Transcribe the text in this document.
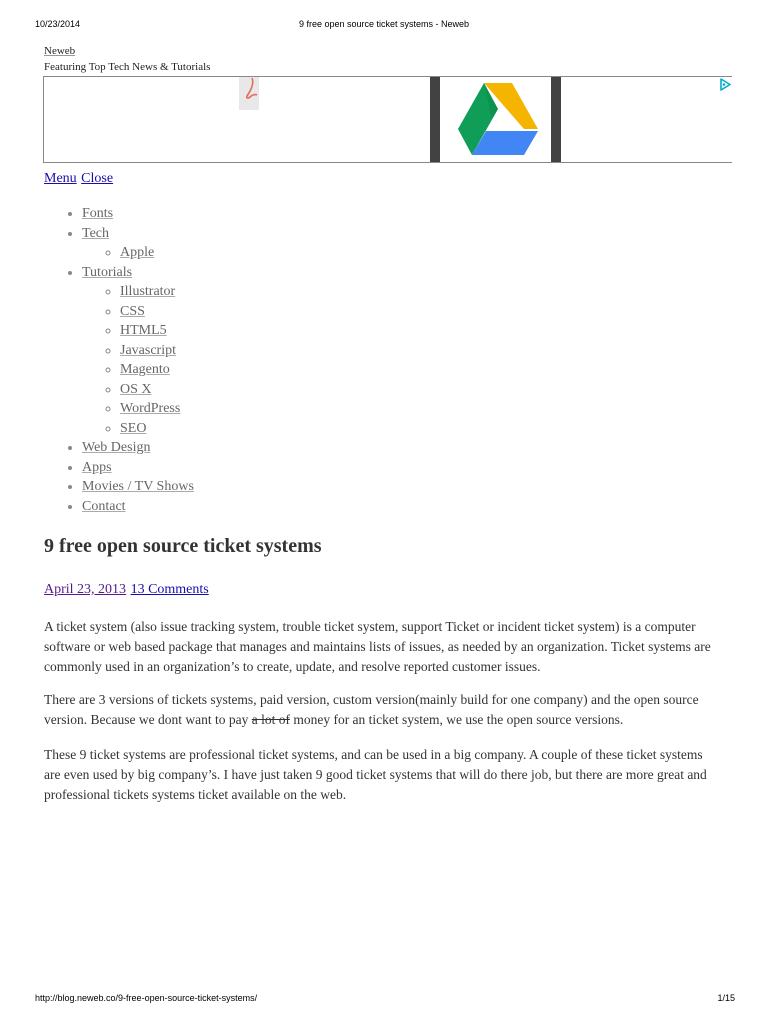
10/23/2014	9 free open source ticket systems - Newеb
Newеb
Featuring Top Tech News & Tutorials
Menu Close
• Fonts
• Tech
◦ Apple
• Tutorials
◦ Illustrator
◦ CSS
◦ HTML5
◦ Javascript
◦ Magento
◦ OS X
◦ WordPress
◦ SEO
• Web Design
• Apps
• Movies / TV Shows
• Contact
9 free open source ticket systems
April 23, 2013 13 Comments

A ticket system (also issue tracking system, trouble ticket system, support Ticket or incident ticket system) is a computer software or web based package that manages and maintains lists of issues, as needed by an organization. Ticket systems are commonly used in an organization’s to create, update, and resolve reported customer issues.

There are 3 versions of tickets systems, paid version, custom version(mainly build for one company) and the open source version. Because we dont want to pay a lot of money for an ticket system, we use the open source versions.

These 9 ticket systems are professional ticket systems, and can be used in a big company. A couple of these ticket systems are even used by big company’s. I have just taken 9 good ticket systems that will do there job, but there are more great and professional tickets systems ticket available on the web.

http://blog.newеb.co/9-free-open-source-ticket-systems/	1/15
